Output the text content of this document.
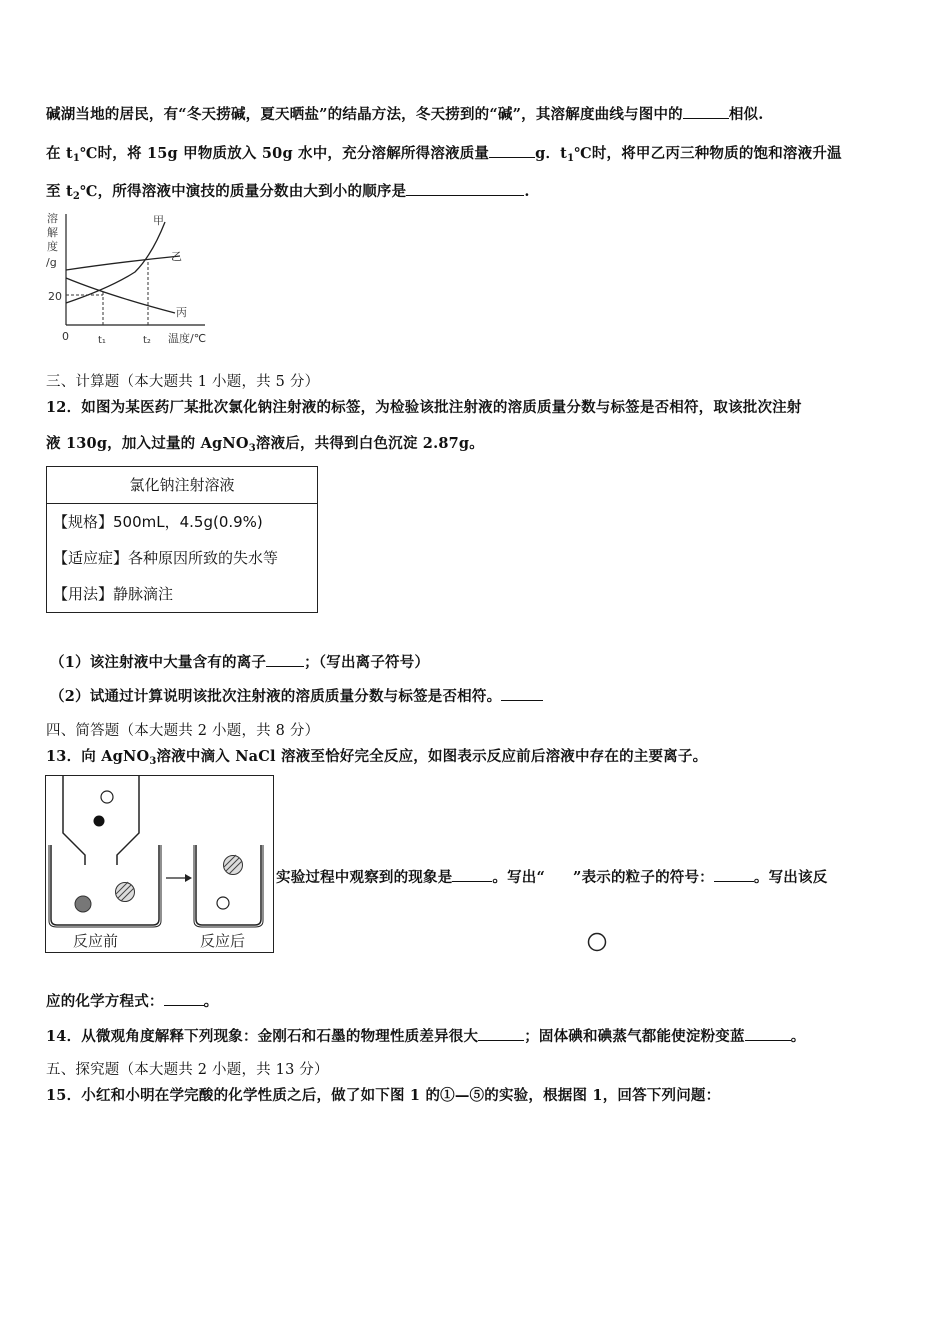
碱湖当地的居民，有“冬天捞碱，夏天晒盐”的结晶方法，冬天捞到的“碱”，其溶解度曲线与图中的	相似.
在 $t_1℃$时，将 15g 甲物质放入 50g 水中，充分溶解所得溶液质量	g．$t_1℃$时，将甲乙丙三种物质的饱和溶液升温
至 $t_2℃$，所得溶液中演技的质量分数由大到小的顺序是	.
溶
解
度
/g
20
0	t₁	t₂ 温度/℃
甲
乙
丙
三、计算题（本大题共 1 小题，共 5 分）
12．如图为某医药厂某批次氯化钠注射液的标签，为检验该批注射液的溶质质量分数与标签是否相符，取该批次注射
液 130g，加入过量的 AgNO$_3$溶液后，共得到白色沉淀 2.87g。
氯化钠注射溶液
【规格】500mL，4.5g(0.9%)
【适应症】各种原因所致的失水等
【用法】静脉滴注
（1）该注射液中大量含有的离子	；（写出离子符号）
（2）试通过计算说明该批次注射液的溶质质量分数与标签是否相符。
四、简答题（本大题共 2 小题，共 8 分）
13．向 AgNO$_3$溶液中滴入 NaCl 溶液至恰好完全反应，如图表示反应前后溶液中存在的主要离子。
反应前	反应后
实验过程中观察到的现象是	。写出“ ”表示的粒子的符号：	。写出该反
应的化学方程式：	。
14．从微观角度解释下列现象：金刚石和石墨的物理性质差异很大	；固体碘和碘蒸气都能使淀粉变蓝	。
五、探究题（本大题共 2 小题，共 13 分）
15．小红和小明在学完酸的化学性质之后，做了如下图 1 的①—⑤的实验，根据图 1，回答下列问题：
